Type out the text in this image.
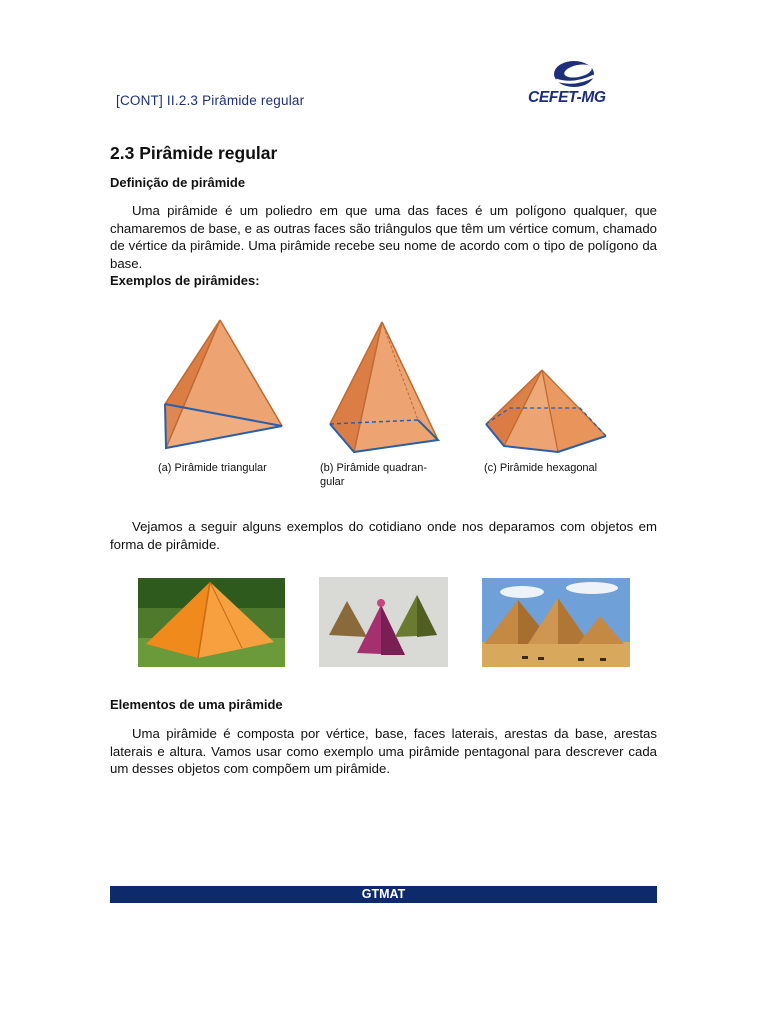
[CONT] II.2.3 Pirâmide regular	CEFET-MG
2.3 Pirâmide regular
Definição de pirâmide
Uma pirâmide é um poliedro em que uma das faces é um polígono qualquer, que chamaremos de base, e as outras faces são triângulos que têm um vértice comum, chamado de vértice da pirâmide. Uma pirâmide recebe seu nome de acordo com o tipo de polígono da base.
Exemplos de pirâmides:
(a) Pirâmide triangular	(b) Pirâmide quadran-gular
(c) Pirâmide hexagonal
Vejamos a seguir alguns exemplos do cotidiano onde nos deparamos com objetos em forma de pirâmide.
Elementos de uma pirâmide
Uma pirâmide é composta por vértice, base, faces laterais, arestas da base, arestas laterais e altura. Vamos usar como exemplo uma pirâmide pentagonal para descrever cada um desses objetos com compõem um pirâmide.
GTMAT
